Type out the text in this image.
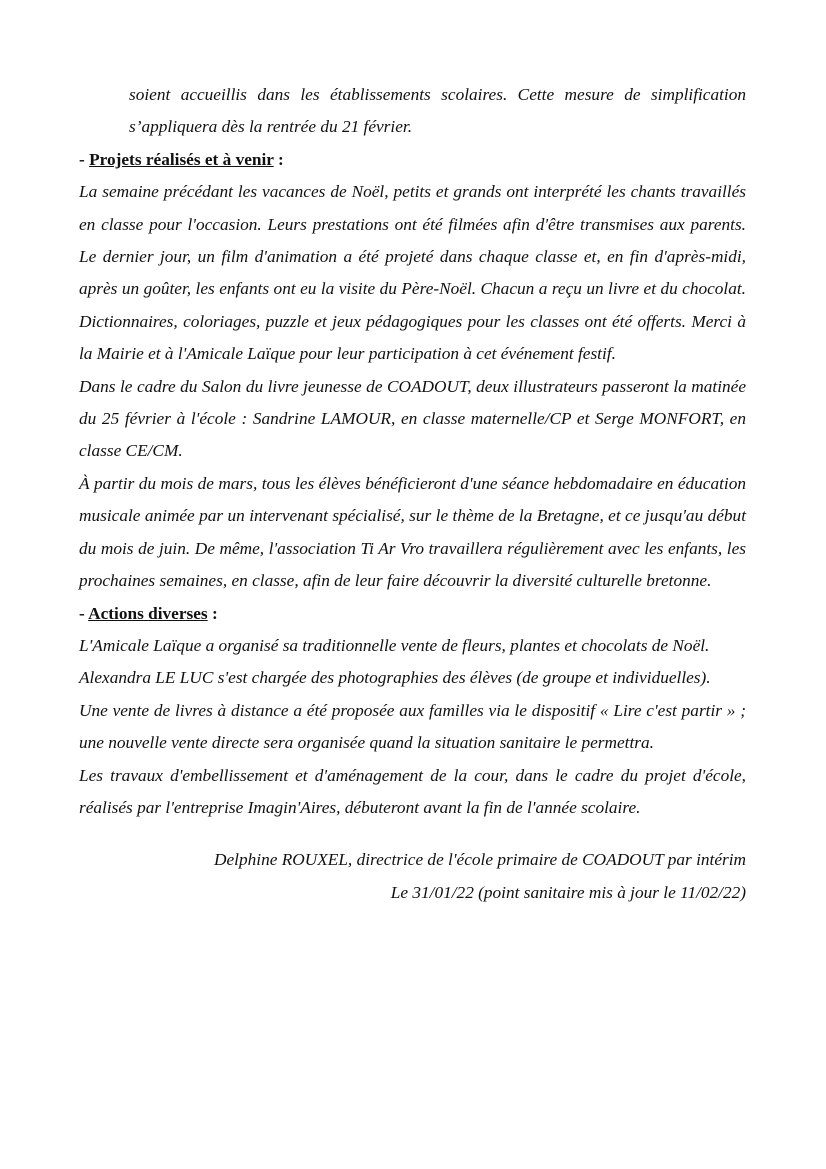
soient accueillis dans les établissements scolaires. Cette mesure de simplification s’appliquera dès la rentrée du 21 février.

- Projets réalisés et à venir :

La semaine précédant les vacances de Noël, petits et grands ont interprété les chants travaillés en classe pour l'occasion. Leurs prestations ont été filmées afin d'être transmises aux parents. Le dernier jour, un film d'animation a été projeté dans chaque classe et, en fin d'après-midi, après un goûter, les enfants ont eu la visite du Père-Noël. Chacun a reçu un livre et du chocolat. Dictionnaires, coloriages, puzzle et jeux pédagogiques pour les classes ont été offerts. Merci à la Mairie et à l'Amicale Laïque pour leur participation à cet événement festif.

Dans le cadre du Salon du livre jeunesse de COADOUT, deux illustrateurs passeront la matinée du 25 février à l'école : Sandrine LAMOUR, en classe maternelle/CP et Serge MONFORT, en classe CE/CM.

À partir du mois de mars, tous les élèves bénéficieront d'une séance hebdomadaire en éducation musicale animée par un intervenant spécialisé, sur le thème de la Bretagne, et ce jusqu'au début du mois de juin. De même, l'association Ti Ar Vro travaillera régulièrement avec les enfants, les prochaines semaines, en classe, afin de leur faire découvrir la diversité culturelle bretonne.

- Actions diverses :

L'Amicale Laïque a organisé sa traditionnelle vente de fleurs, plantes et chocolats de Noël.

Alexandra LE LUC s'est chargée des photographies des élèves (de groupe et individuelles).

Une vente de livres à distance a été proposée aux familles via le dispositif « Lire c'est partir » ; une nouvelle vente directe sera organisée quand la situation sanitaire le permettra.

Les travaux d'embellissement et d'aménagement de la cour, dans le cadre du projet d'école, réalisés par l'entreprise Imagin'Aires, débuteront avant la fin de l'année scolaire.

Delphine ROUXEL, directrice de l'école primaire de COADOUT par intérim

Le 31/01/22 (point sanitaire mis à jour le 11/02/22)
